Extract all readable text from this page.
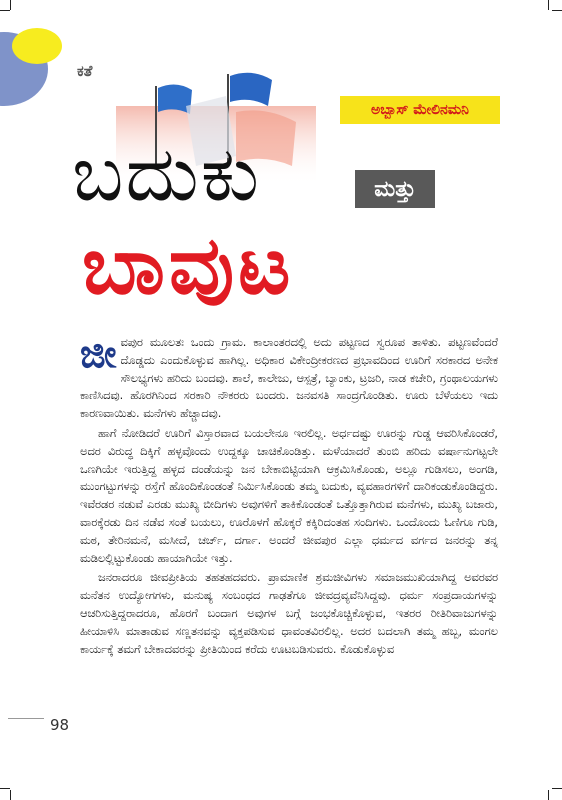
ಕತೆ
ಅಬ್ಬಾಸ್ ಮೇಲಿನಮನಿ
ಬದುಕು	ಮತ್ತು
ಬಾವುಟ

ಜೀವಪುರ ಮೂಲತಃ ಒಂದು ಗ್ರಾಮ. ಕಾಲಾಂತರದಲ್ಲಿ ಅದು ಪಟ್ಟಣದ ಸ್ವರೂಪ ತಾಳಿತು. ಪಟ್ಟಣವೆಂದರೆ ದೊಡ್ಡದು ಎಂದುಕೊಳ್ಳುವ ಹಾಗಿಲ್ಲ. ಅಧಿಕಾರ ವಿಕೇಂದ್ರೀಕರಣದ ಪ್ರಭಾವದಿಂದ ಊರಿಗೆ ಸರಕಾರದ ಅನೇಕ ಸೌಲಭ್ಯಗಳು ಹರಿದು ಬಂದವು. ಶಾಲೆ, ಕಾಲೇಜು, ಆಸ್ಪತ್ರೆ, ಬ್ಯಾಂಕು, ಟ್ರಜರಿ, ನಾಡ ಕಚೇರಿ, ಗ್ರಂಥಾಲಯಗಳು ಕಾಣಿಸಿದವು. ಹೊರಗಿನಿಂದ ಸರಕಾರಿ ನೌಕರರು ಬಂದರು. ಜನವಸತಿ ಸಾಂದ್ರಗೊಂಡಿತು. ಊರು ಬೆಳೆಯಲು ಇದು ಕಾರಣವಾಯಿತು. ಮನೆಗಳು ಹೆಚ್ಚಾದವು.

ಹಾಗೆ ನೋಡಿದರೆ ಊರಿಗೆ ವಿಸ್ತಾರವಾದ ಬಯಲೇನೂ ಇರಲಿಲ್ಲ. ಅರ್ಧದಷ್ಟು ಊರನ್ನು ಗುಡ್ಡ ಆವರಿಸಿಕೊಂಡರೆ, ಅದರ ವಿರುದ್ಧ ದಿಕ್ಕಿಗೆ ಹಳ್ಳವೊಂದು ಉದ್ದಕ್ಕೂ ಚಾಚಿಕೊಂಡಿತ್ತು. ಮಳೆಯಾದರೆ ತುಂಬಿ ಹರಿದು ವರ್ಷಾನುಗಟ್ಟಲೇ ಒಣಗಿಯೇ ಇರುತ್ತಿದ್ದ ಹಳ್ಳದ ದಂಡೆಯನ್ನು ಜನ ಬೇಕಾಬಿಟ್ಟಿಯಾಗಿ ಆಕ್ರಮಿಸಿಕೊಂಡು, ಅಲ್ಲೂ ಗುಡಿಸಲು, ಅಂಗಡಿ, ಮುಂಗಟ್ಟುಗಳನ್ನು ರಸ್ತೆಗೆ ಹೊಂದಿಕೊಂಡಂತೆ ನಿರ್ಮಿಸಿಕೊಂಡು ತಮ್ಮ ಬದುಕು, ವ್ಯವಹಾರಗಳಿಗೆ ದಾರಿಕಂಡುಕೊಂಡಿದ್ದರು. ಇವೆರಡರ ನಡುವೆ ಎರಡು ಮುಖ್ಯ ಬೀದಿಗಳು ಅವುಗಳಿಗೆ ತಾಕಿಕೊಂಡಂತೆ ಒತ್ತೊತ್ತಾಗಿರುವ ಮನೆಗಳು, ಮುಖ್ಯ ಬಜಾರು, ವಾರಕ್ಕೆರಡು ದಿನ ನಡೆವ ಸಂತೆ ಬಯಲು, ಊರೊಳಗೆ ಹೊಕ್ಕರೆ ಕಕ್ಕಿರಿದಂತಹ ಸಂದಿಗಳು. ಒಂದೊಂದು ಓಣಿಗೂ ಗುಡಿ, ಮಠ, ತೇರಿನಮನೆ, ಮಸೀದೆ, ಚರ್ಚ್, ದರ್ಗಾ. ಅಂದರೆ ಜೀವಪುರ ಎಲ್ಲಾ ಧರ್ಮದ ವರ್ಗದ ಜನರನ್ನು ತನ್ನ ಮಡಿಲಲ್ಲಿಟ್ಟುಕೊಂಡು ಹಾಯಾಗಿಯೇ ಇತ್ತು.

ಜನರಾದರೂ ಜೀವಪ್ರೀತಿಯ ತಹತಹದವರು. ಪ್ರಾಮಾಣಿಕ ಶ್ರಮಜೀವಿಗಳು ಸಮಾಜಮುಖಿಯಾಗಿದ್ದ ಅವರವರ ಮನೆತನ ಉದ್ಯೋಗಗಳು, ಮನುಷ್ಯ ಸಂಬಂಧದ ಗಾಢತೆಗೂ ಜೀವದ್ರವ್ಯವೆನಿಸಿದ್ದವು. ಧರ್ಮ ಸಂಪ್ರದಾಯಗಳನ್ನು ಆಚರಿಸುತ್ತಿದ್ದರಾದರೂ, ಹೊರಗೆ ಬಂದಾಗ ಅವುಗಳ ಬಗ್ಗೆ ಜಂಭಕೊಚ್ಚಿಕೊಳ್ಳುವ, ಇತರರ ರೀತಿರಿವಾಜುಗಳನ್ನು ಹೀಯಾಳಿಸಿ ಮಾತಾಡುವ ಸಣ್ಣತನವನ್ನು ವ್ಯಕ್ತಪಡಿಸುವ ಧಾವಂತವಿರಲಿಲ್ಲ. ಅದರ ಬದಲಾಗಿ ತಮ್ಮ ಹಬ್ಬ, ಮಂಗಲ ಕಾರ್ಯಕ್ಕೆ ತಮಗೆ ಬೇಕಾದವರನ್ನು ಪ್ರೀತಿಯಿಂದ ಕರೆದು ಊಟಬಡಿಸುವರು. ಕೊಡುಕೊಳ್ಳುವ

98
